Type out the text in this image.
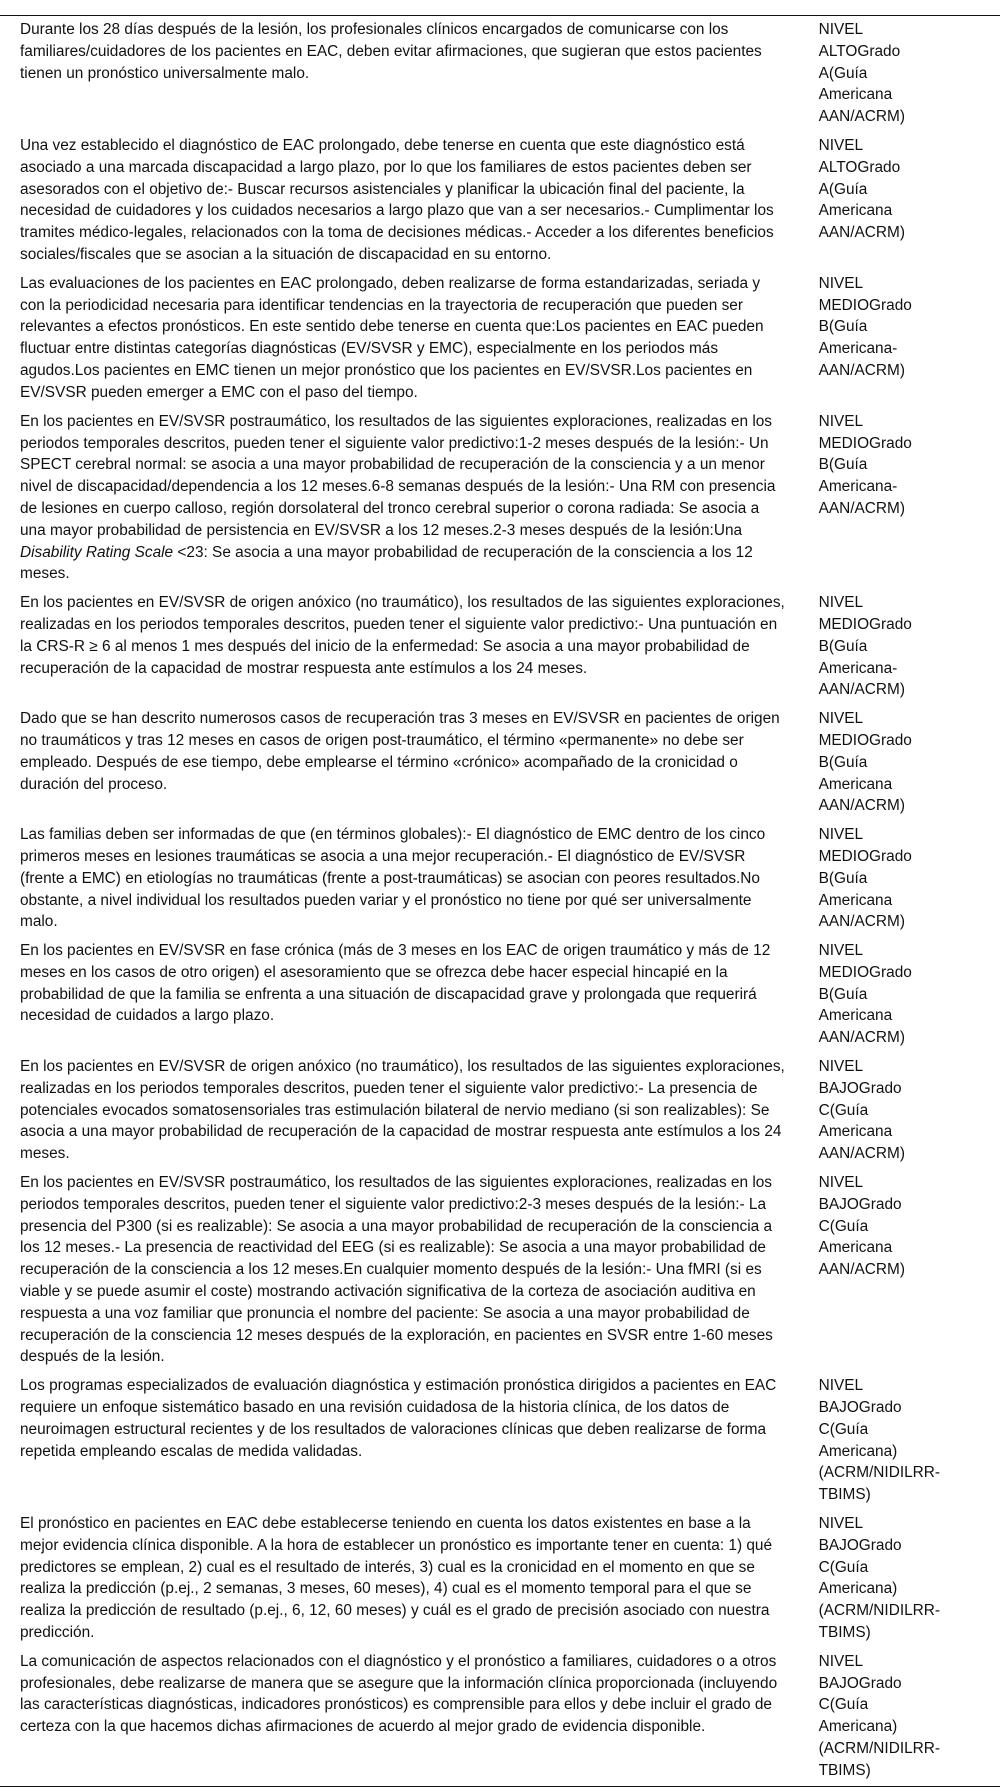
Durante los 28 días después de la lesión, los profesionales clínicos encargados de comunicarse con los familiares/cuidadores de los pacientes en EAC, deben evitar afirmaciones, que sugieran que estos pacientes tienen un pronóstico universalmente malo.	NIVEL ALTOGrado A(Guía Americana AAN/ACRM)
Una vez establecido el diagnóstico de EAC prolongado, debe tenerse en cuenta que este diagnóstico está asociado a una marcada discapacidad a largo plazo, por lo que los familiares de estos pacientes deben ser asesorados con el objetivo de:- Buscar recursos asistenciales y planificar la ubicación final del paciente, la necesidad de cuidadores y los cuidados necesarios a largo plazo que van a ser necesarios.- Cumplimentar los tramites médico-legales, relacionados con la toma de decisiones médicas.- Acceder a los diferentes beneficios sociales/fiscales que se asocian a la situación de discapacidad en su entorno.	NIVEL ALTOGrado A(Guía Americana AAN/ACRM)
Las evaluaciones de los pacientes en EAC prolongado, deben realizarse de forma estandarizadas, seriada y con la periodicidad necesaria para identificar tendencias en la trayectoria de recuperación que pueden ser relevantes a efectos pronósticos. En este sentido debe tenerse en cuenta que:Los pacientes en EAC pueden fluctuar entre distintas categorías diagnósticas (EV/SVSR y EMC), especialmente en los periodos más agudos.Los pacientes en EMC tienen un mejor pronóstico que los pacientes en EV/SVSR.Los pacientes en EV/SVSR pueden emerger a EMC con el paso del tiempo.	NIVEL MEDIOGrado B(Guía Americana-AAN/ACRM)
En los pacientes en EV/SVSR postraumático, los resultados de las siguientes exploraciones, realizadas en los periodos temporales descritos, pueden tener el siguiente valor predictivo:1-2 meses después de la lesión:- Un SPECT cerebral normal: se asocia a una mayor probabilidad de recuperación de la consciencia y a un menor nivel de discapacidad/dependencia a los 12 meses.6-8 semanas después de la lesión:- Una RM con presencia de lesiones en cuerpo calloso, región dorsolateral del tronco cerebral superior o corona radiada: Se asocia a una mayor probabilidad de persistencia en EV/SVSR a los 12 meses.2-3 meses después de la lesión:Una Disability Rating Scale <23: Se asocia a una mayor probabilidad de recuperación de la consciencia a los 12 meses.	NIVEL MEDIOGrado B(Guía Americana-AAN/ACRM)
En los pacientes en EV/SVSR de origen anóxico (no traumático), los resultados de las siguientes exploraciones, realizadas en los periodos temporales descritos, pueden tener el siguiente valor predictivo:- Una puntuación en la CRS-R ≥ 6 al menos 1 mes después del inicio de la enfermedad: Se asocia a una mayor probabilidad de recuperación de la capacidad de mostrar respuesta ante estímulos a los 24 meses.	NIVEL MEDIOGrado B(Guía Americana-AAN/ACRM)
Dado que se han descrito numerosos casos de recuperación tras 3 meses en EV/SVSR en pacientes de origen no traumáticos y tras 12 meses en casos de origen post-traumático, el término «permanente» no debe ser empleado. Después de ese tiempo, debe emplearse el término «crónico» acompañado de la cronicidad o duración del proceso.	NIVEL MEDIOGrado B(Guía Americana AAN/ACRM)
Las familias deben ser informadas de que (en términos globales):- El diagnóstico de EMC dentro de los cinco primeros meses en lesiones traumáticas se asocia a una mejor recuperación.- El diagnóstico de EV/SVSR (frente a EMC) en etiologías no traumáticas (frente a post-traumáticas) se asocian con peores resultados.No obstante, a nivel individual los resultados pueden variar y el pronóstico no tiene por qué ser universalmente malo.	NIVEL MEDIOGrado B(Guía Americana AAN/ACRM)
En los pacientes en EV/SVSR en fase crónica (más de 3 meses en los EAC de origen traumático y más de 12 meses en los casos de otro origen) el asesoramiento que se ofrezca debe hacer especial hincapié en la probabilidad de que la familia se enfrenta a una situación de discapacidad grave y prolongada que requerirá necesidad de cuidados a largo plazo.	NIVEL MEDIOGrado B(Guía Americana AAN/ACRM)
En los pacientes en EV/SVSR de origen anóxico (no traumático), los resultados de las siguientes exploraciones, realizadas en los periodos temporales descritos, pueden tener el siguiente valor predictivo:- La presencia de potenciales evocados somatosensoriales tras estimulación bilateral de nervio mediano (si son realizables): Se asocia a una mayor probabilidad de recuperación de la capacidad de mostrar respuesta ante estímulos a los 24 meses.	NIVEL BAJOGrado C(Guía Americana AAN/ACRM)
En los pacientes en EV/SVSR postraumático, los resultados de las siguientes exploraciones, realizadas en los periodos temporales descritos, pueden tener el siguiente valor predictivo:2-3 meses después de la lesión:- La presencia del P300 (si es realizable): Se asocia a una mayor probabilidad de recuperación de la consciencia a los 12 meses.- La presencia de reactividad del EEG (si es realizable): Se asocia a una mayor probabilidad de recuperación de la consciencia a los 12 meses.En cualquier momento después de la lesión:- Una fMRI (si es viable y se puede asumir el coste) mostrando activación significativa de la corteza de asociación auditiva en respuesta a una voz familiar que pronuncia el nombre del paciente: Se asocia a una mayor probabilidad de recuperación de la consciencia 12 meses después de la exploración, en pacientes en SVSR entre 1-60 meses después de la lesión.	NIVEL BAJOGrado C(Guía Americana AAN/ACRM)
Los programas especializados de evaluación diagnóstica y estimación pronóstica dirigidos a pacientes en EAC requiere un enfoque sistemático basado en una revisión cuidadosa de la historia clínica, de los datos de neuroimagen estructural recientes y de los resultados de valoraciones clínicas que deben realizarse de forma repetida empleando escalas de medida validadas.	NIVEL BAJOGrado C(Guía Americana) (ACRM/NIDILRR-TBIMS)
El pronóstico en pacientes en EAC debe establecerse teniendo en cuenta los datos existentes en base a la mejor evidencia clínica disponible. A la hora de establecer un pronóstico es importante tener en cuenta: 1) qué predictores se emplean, 2) cual es el resultado de interés, 3) cual es la cronicidad en el momento en que se realiza la predicción (p.ej., 2 semanas, 3 meses, 60 meses), 4) cual es el momento temporal para el que se realiza la predicción de resultado (p.ej., 6, 12, 60 meses) y cuál es el grado de precisión asociado con nuestra predicción.	NIVEL BAJOGrado C(Guía Americana) (ACRM/NIDILRR-TBIMS)
La comunicación de aspectos relacionados con el diagnóstico y el pronóstico a familiares, cuidadores o a otros profesionales, debe realizarse de manera que se asegure que la información clínica proporcionada (incluyendo las características diagnósticas, indicadores pronósticos) es comprensible para ellos y debe incluir el grado de certeza con la que hacemos dichas afirmaciones de acuerdo al mejor grado de evidencia disponible.	NIVEL BAJOGrado C(Guía Americana) (ACRM/NIDILRR-TBIMS)
